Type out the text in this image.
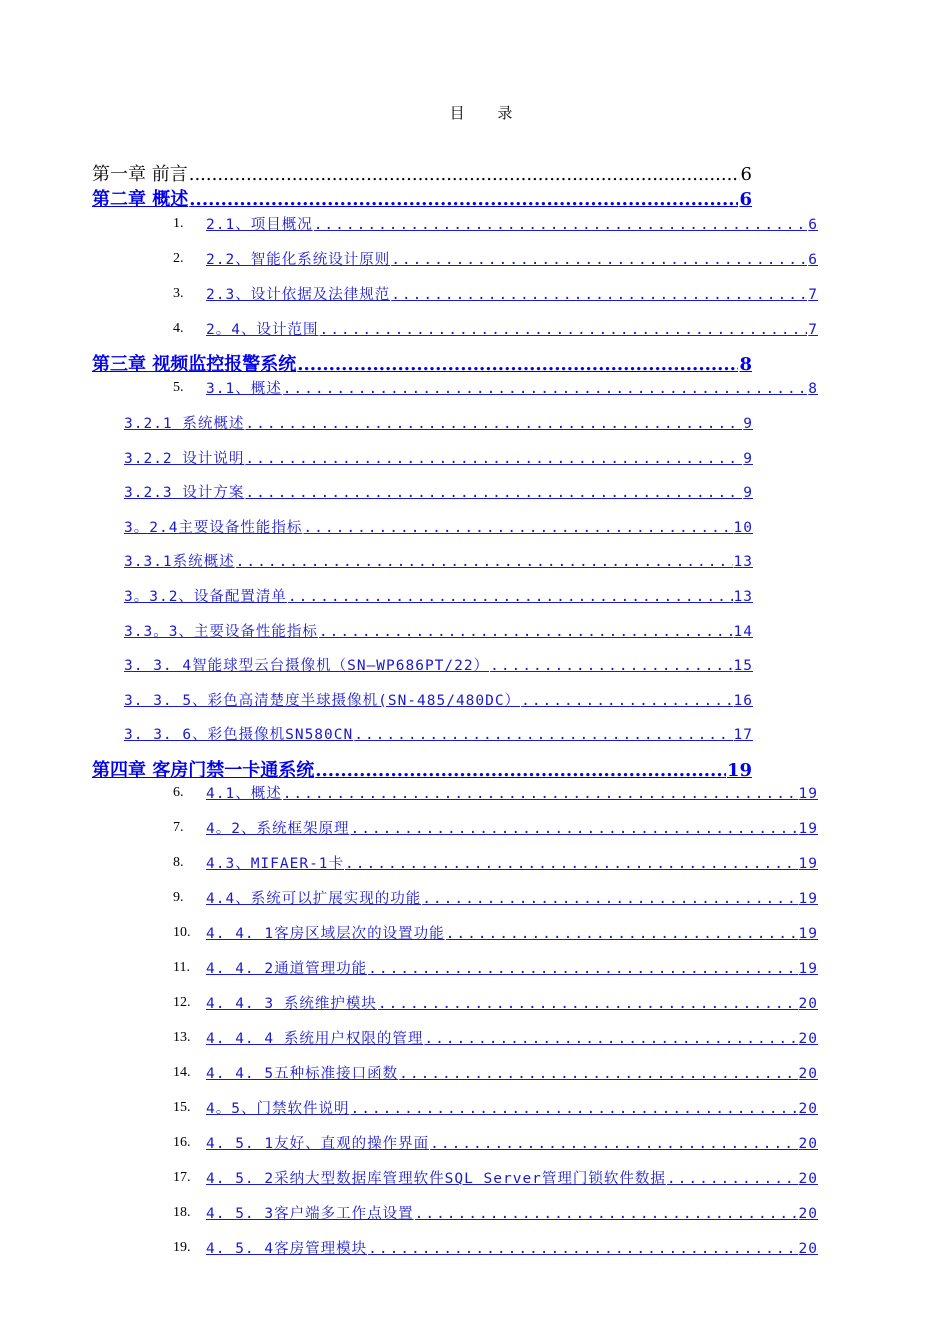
目 录
第一章 前言 .....	6
第二章 概述 .....	6
1.	2.1、项目概况 .....	6
2.	2.2、智能化系统设计原则 .....	6
3.	2.3、设计依据及法律规范 .....	7
4.	2。4、设计范围 .....	7
第三章 视频监控报警系统 .....	8
5.	3.1、概述 .....	8
3.2.1 系统概述 .....	9
3.2.2 设计说明 .....	9
3.2.3 设计方案 .....	9
3。2.4主要设备性能指标 .....	10
3.3.1系统概述 .....	13
3。3.2、设备配置清单 .....	13
3.3。3、主要设备性能指标 .....	14
3. 3. 4智能球型云台摄像机（SN—WP686PT/22） .....	15
3. 3. 5、彩色高清楚度半球摄像机(SN-485/480DC） .....	16
3. 3. 6、彩色摄像机SN580CN .....	17
第四章 客房门禁一卡通系统 .....	19
6.	4.1、概述 .....	19
7.	4。2、系统框架原理 .....	19
8.	4.3、MIFAER-1卡 .....	19
9.	4.4、系统可以扩展实现的功能 .....	19
10.	4. 4. 1客房区域层次的设置功能 .....	19
11.	4. 4. 2通道管理功能 .....	19
12.	4. 4. 3 系统维护模块 .....	20
13.	4. 4. 4 系统用户权限的管理 .....	20
14.	4. 4. 5五种标准接口函数 .....	20
15.	4。5、门禁软件说明 .....	20
16.	4. 5. 1友好、直观的操作界面 .....	20
17.	4. 5. 2采纳大型数据库管理软件SQL Server管理门锁软件数据 .....	20
18.	4. 5. 3客户端多工作点设置 .....	20
19.	4. 5. 4客房管理模块 .....	20
